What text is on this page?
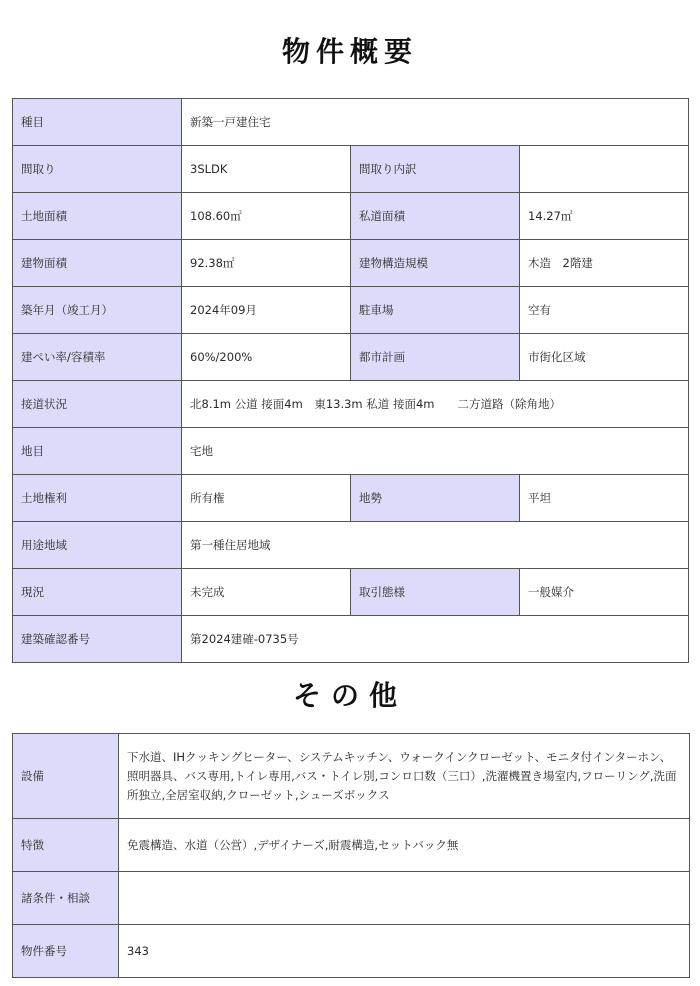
物件概要
種目	新築一戸建住宅		
間取り	3SLDK	間取り内訳	
土地面積	108.60㎡	私道面積	14.27㎡
建物面積	92.38㎡	建物構造規模	木造　2階建
築年月（竣工月）	2024年09月	駐車場	空有
建ぺい率/容積率	60%/200%	都市計画	市街化区域
接道状況	北8.1m 公道 接面4m　東13.3m 私道 接面4m　　二方道路（除角地）		
地目	宅地		
土地権利	所有権	地勢	平坦
用途地域	第一種住居地域		
現況	未完成	取引態様	一般媒介
建築確認番号	第2024建確-0735号		
その他
設備	下水道、IHクッキングヒーター、システムキッチン、ウォークインクローゼット、モニタ付インターホン、照明器具、バス専用,トイレ専用,バス・トイレ別,コンロ口数（三口）,洗濯機置き場室内,フローリング,洗面所独立,全居室収納,クローゼット,シューズボックス
特徴	免震構造、水道（公営）,デザイナーズ,耐震構造,セットバック無
諸条件・相談	
物件番号	343
